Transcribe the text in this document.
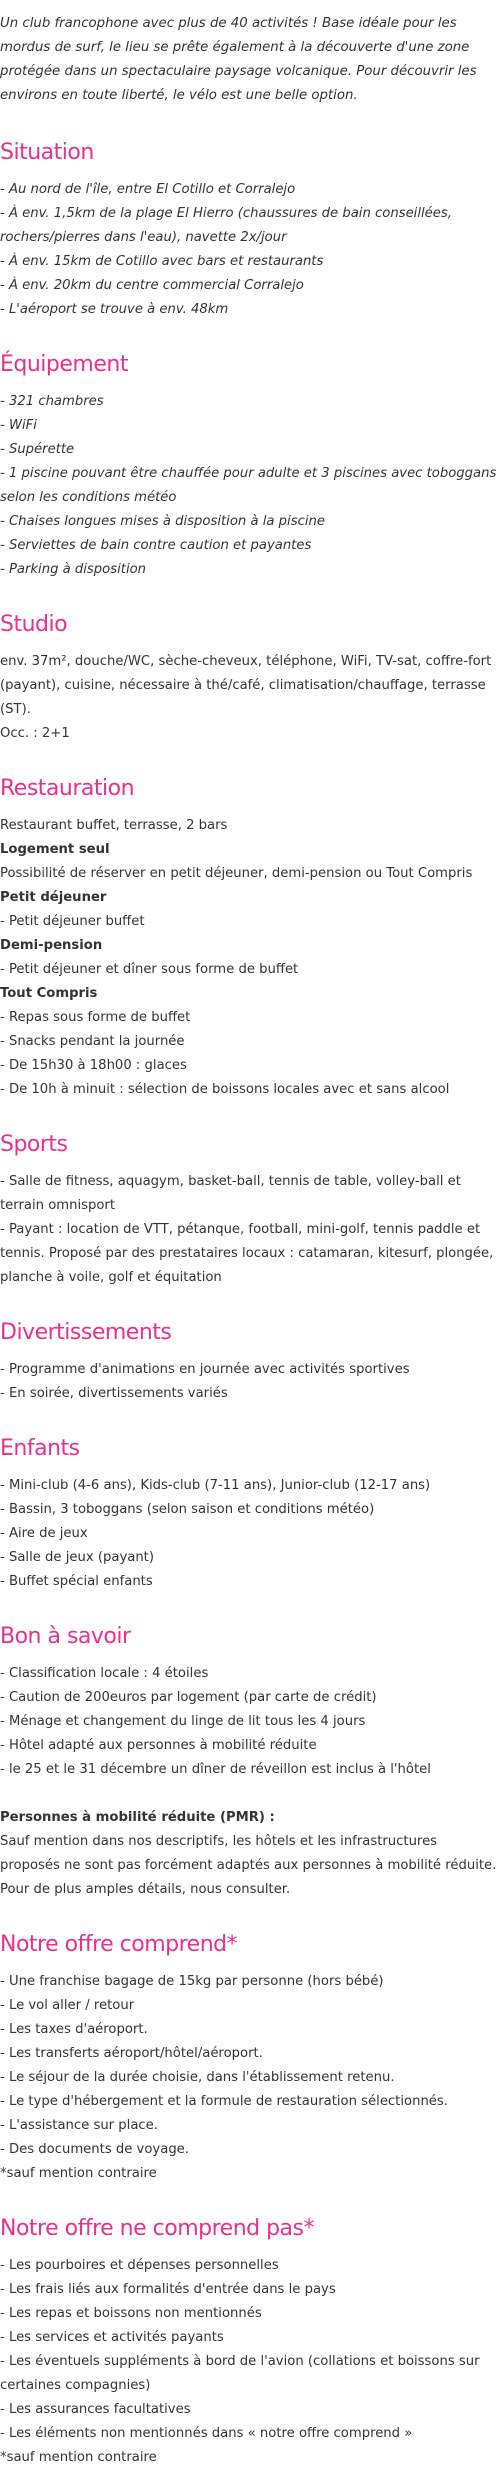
Un club francophone avec plus de 40 activités ! Base idéale pour les mordus de surf, le lieu se prête également à la découverte d'une zone protégée dans un spectaculaire paysage volcanique. Pour découvrir les environs en toute liberté, le vélo est une belle option.

Situation

- Au nord de l'île, entre El Cotillo et Corralejo

- À env. 1,5km de la plage El Hierro (chaussures de bain conseillées, rochers/pierres dans l'eau), navette 2x/jour

- À env. 15km de Cotillo avec bars et restaurants

- À env. 20km du centre commercial Corralejo

- L'aéroport se trouve à env. 48km

Équipement

- 321 chambres

- WiFi

- Supérette

- 1 piscine pouvant être chauffée pour adulte et 3 piscines avec toboggans selon les conditions météo

- Chaises longues mises à disposition à la piscine

- Serviettes de bain contre caution et payantes

- Parking à disposition

Studio

env. 37m², douche/WC, sèche-cheveux, téléphone, WiFi, TV-sat, coffre-fort (payant), cuisine, nécessaire à thé/café, climatisation/chauffage, terrasse (ST).

Occ. : 2+1

Restauration

Restaurant buffet, terrasse, 2 bars

Logement seul

Possibilité de réserver en petit déjeuner, demi-pension ou Tout Compris

Petit déjeuner

- Petit déjeuner buffet

Demi-pension

- Petit déjeuner et dîner sous forme de buffet

Tout Compris

- Repas sous forme de buffet

- Snacks pendant la journée

- De 15h30 à 18h00 : glaces

- De 10h à minuit : sélection de boissons locales avec et sans alcool

Sports

- Salle de fitness, aquagym, basket-ball, tennis de table, volley-ball et terrain omnisport

- Payant : location de VTT, pétanque, football, mini-golf, tennis paddle et tennis. Proposé par des prestataires locaux : catamaran, kitesurf, plongée, planche à voile, golf et équitation

Divertissements

- Programme d'animations en journée avec activités sportives

- En soirée, divertissements variés

Enfants

- Mini-club (4-6 ans), Kids-club (7-11 ans), Junior-club (12-17 ans)

- Bassin, 3 toboggans (selon saison et conditions météo)

- Aire de jeux

- Salle de jeux (payant)

- Buffet spécial enfants

Bon à savoir

- Classification locale : 4 étoiles

- Caution de 200euros par logement (par carte de crédit)

- Ménage et changement du linge de lit tous les 4 jours

- Hôtel adapté aux personnes à mobilité réduite

- le 25 et le 31 décembre un dîner de réveillon est inclus à l'hôtel

Personnes à mobilité réduite (PMR) :

Sauf mention dans nos descriptifs, les hôtels et les infrastructures proposés ne sont pas forcément adaptés aux personnes à mobilité réduite. Pour de plus amples détails, nous consulter.

Notre offre comprend*

- Une franchise bagage de 15kg par personne (hors bébé)

- Le vol aller / retour

- Les taxes d'aéroport.

- Les transferts aéroport/hôtel/aéroport.

- Le séjour de la durée choisie, dans l'établissement retenu.

- Le type d'hébergement et la formule de restauration sélectionnés.

- L'assistance sur place.

- Des documents de voyage.

*sauf mention contraire

Notre offre ne comprend pas*

- Les pourboires et dépenses personnelles

- Les frais liés aux formalités d'entrée dans le pays

- Les repas et boissons non mentionnés

- Les services et activités payants

- Les éventuels suppléments à bord de l'avion (collations et boissons sur certaines compagnies)

- Les assurances facultatives

- Les éléments non mentionnés dans « notre offre comprend »

*sauf mention contraire
